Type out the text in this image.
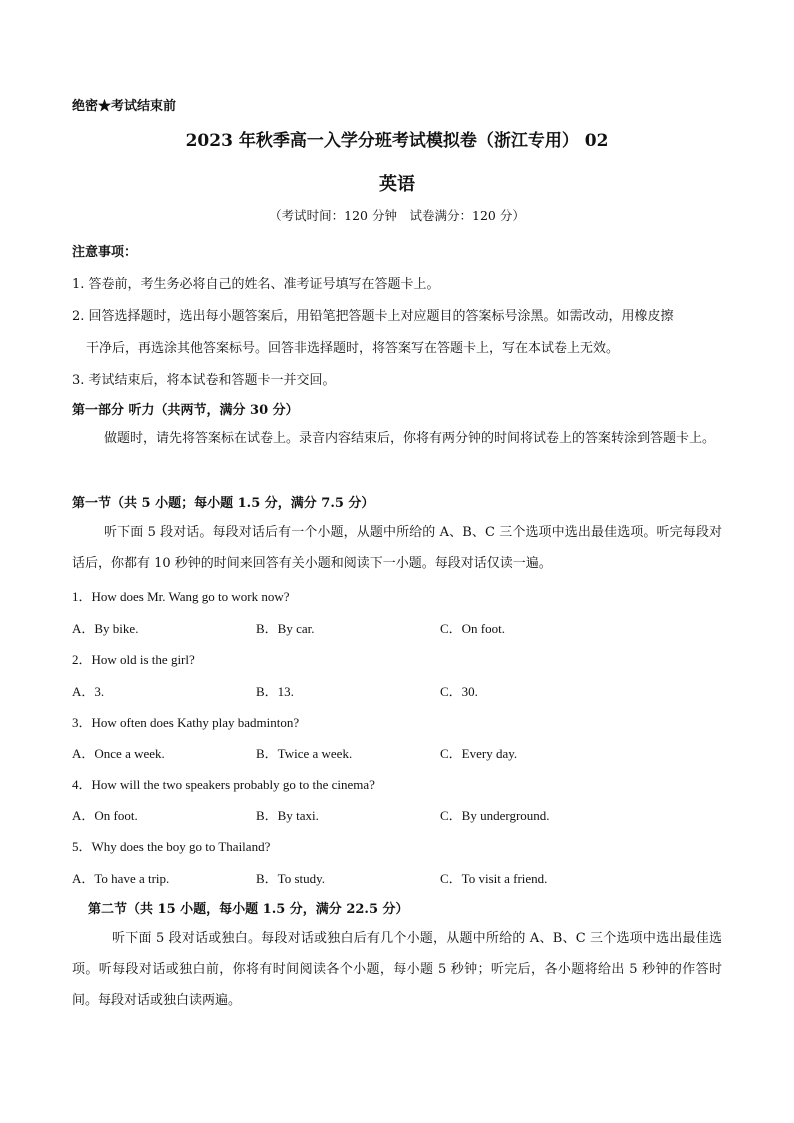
绝密★考试结束前
2023 年秋季高一入学分班考试模拟卷（浙江专用） 02
英语
（考试时间：120 分钟　试卷满分：120 分）
注意事项：
1. 答卷前，考生务必将自己的姓名、准考证号填写在答题卡上。
2. 回答选择题时，选出每小题答案后，用铅笔把答题卡上对应题目的答案标号涂黑。如需改动，用橡皮擦
干净后，再选涂其他答案标号。回答非选择题时，将答案写在答题卡上，写在本试卷上无效。
3. 考试结束后，将本试卷和答题卡一并交回。
第一部分 听力（共两节，满分 30 分）
做题时，请先将答案标在试卷上。录音内容结束后，你将有两分钟的时间将试卷上的答案转涂到答题卡上。
第一节（共 5 小题；每小题 1.5 分，满分 7.5 分）
听下面 5 段对话。每段对话后有一个小题，从题中所给的 A、B、C 三个选项中选出最佳选项。听完每段对话后，你都有 10 秒钟的时间来回答有关小题和阅读下一小题。每段对话仅读一遍。
1．How does Mr. Wang go to work now?
A．By bike.	B．By car.	C．On foot.
2．How old is the girl?
A．3.	B．13.	C．30.
3．How often does Kathy play badminton?
A．Once a week.	B．Twice a week.	C．Every day.
4．How will the two speakers probably go to the cinema?
A．On foot.	B．By taxi.	C．By underground.
5．Why does the boy go to Thailand?
A．To have a trip.	B．To study.	C．To visit a friend.
第二节（共 15 小题，每小题 1.5 分，满分 22.5 分）
听下面 5 段对话或独白。每段对话或独白后有几个小题，从题中所给的 A、B、C 三个选项中选出最佳选项。听每段对话或独白前，你将有时间阅读各个小题，每小题 5 秒钟；听完后，各小题将给出 5 秒钟的作答时间。每段对话或独白读两遍。
